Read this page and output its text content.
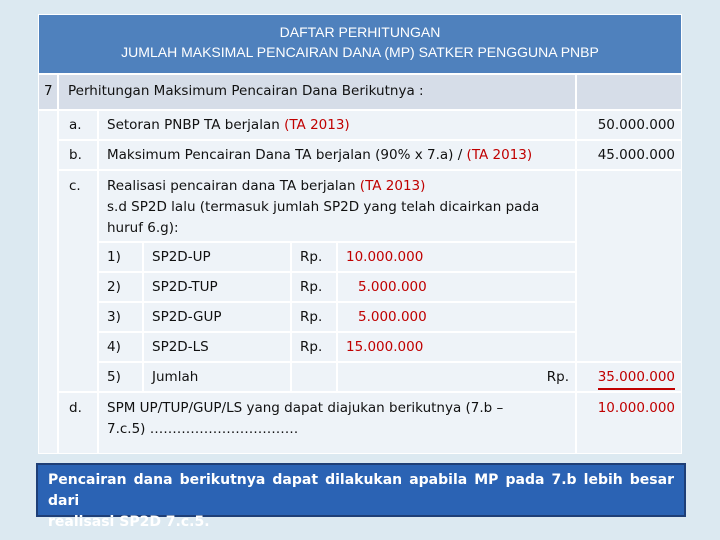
DAFTAR PERHITUNGAN
JUMLAH MAKSIMAL PENCAIRAN DANA (MP) SATKER PENGGUNA PNBP
7 Perhitungan Maksimum Pencairan Dana Berikutnya :
a. Setoran PNBP TA berjalan (TA 2013)	50.000.000
b. Maksimum Pencairan Dana TA berjalan (90% x 7.a) / (TA 2013)	45.000.000
c. Realisasi pencairan dana TA berjalan (TA 2013)
s.d SP2D lalu (termasuk jumlah SP2D yang telah dicairkan pada
huruf 6.g):
1) SP2D-UP	Rp. 10.000.000
2) SP2D-TUP	Rp.	5.000.000
3) SP2D-GUP	Rp.	5.000.000
4) SP2D-LS	Rp. 15.000.000
5) Jumlah	Rp. 35.000.000
d. SPM UP/TUP/GUP/LS yang dapat diajukan berikutnya (7.b –
7.c.5) ……………………………
10.000.000
Pencairan dana berikutnya dapat dilakukan apabila MP pada 7.b lebih besar dari
realisasi SP2D 7.c.5.
